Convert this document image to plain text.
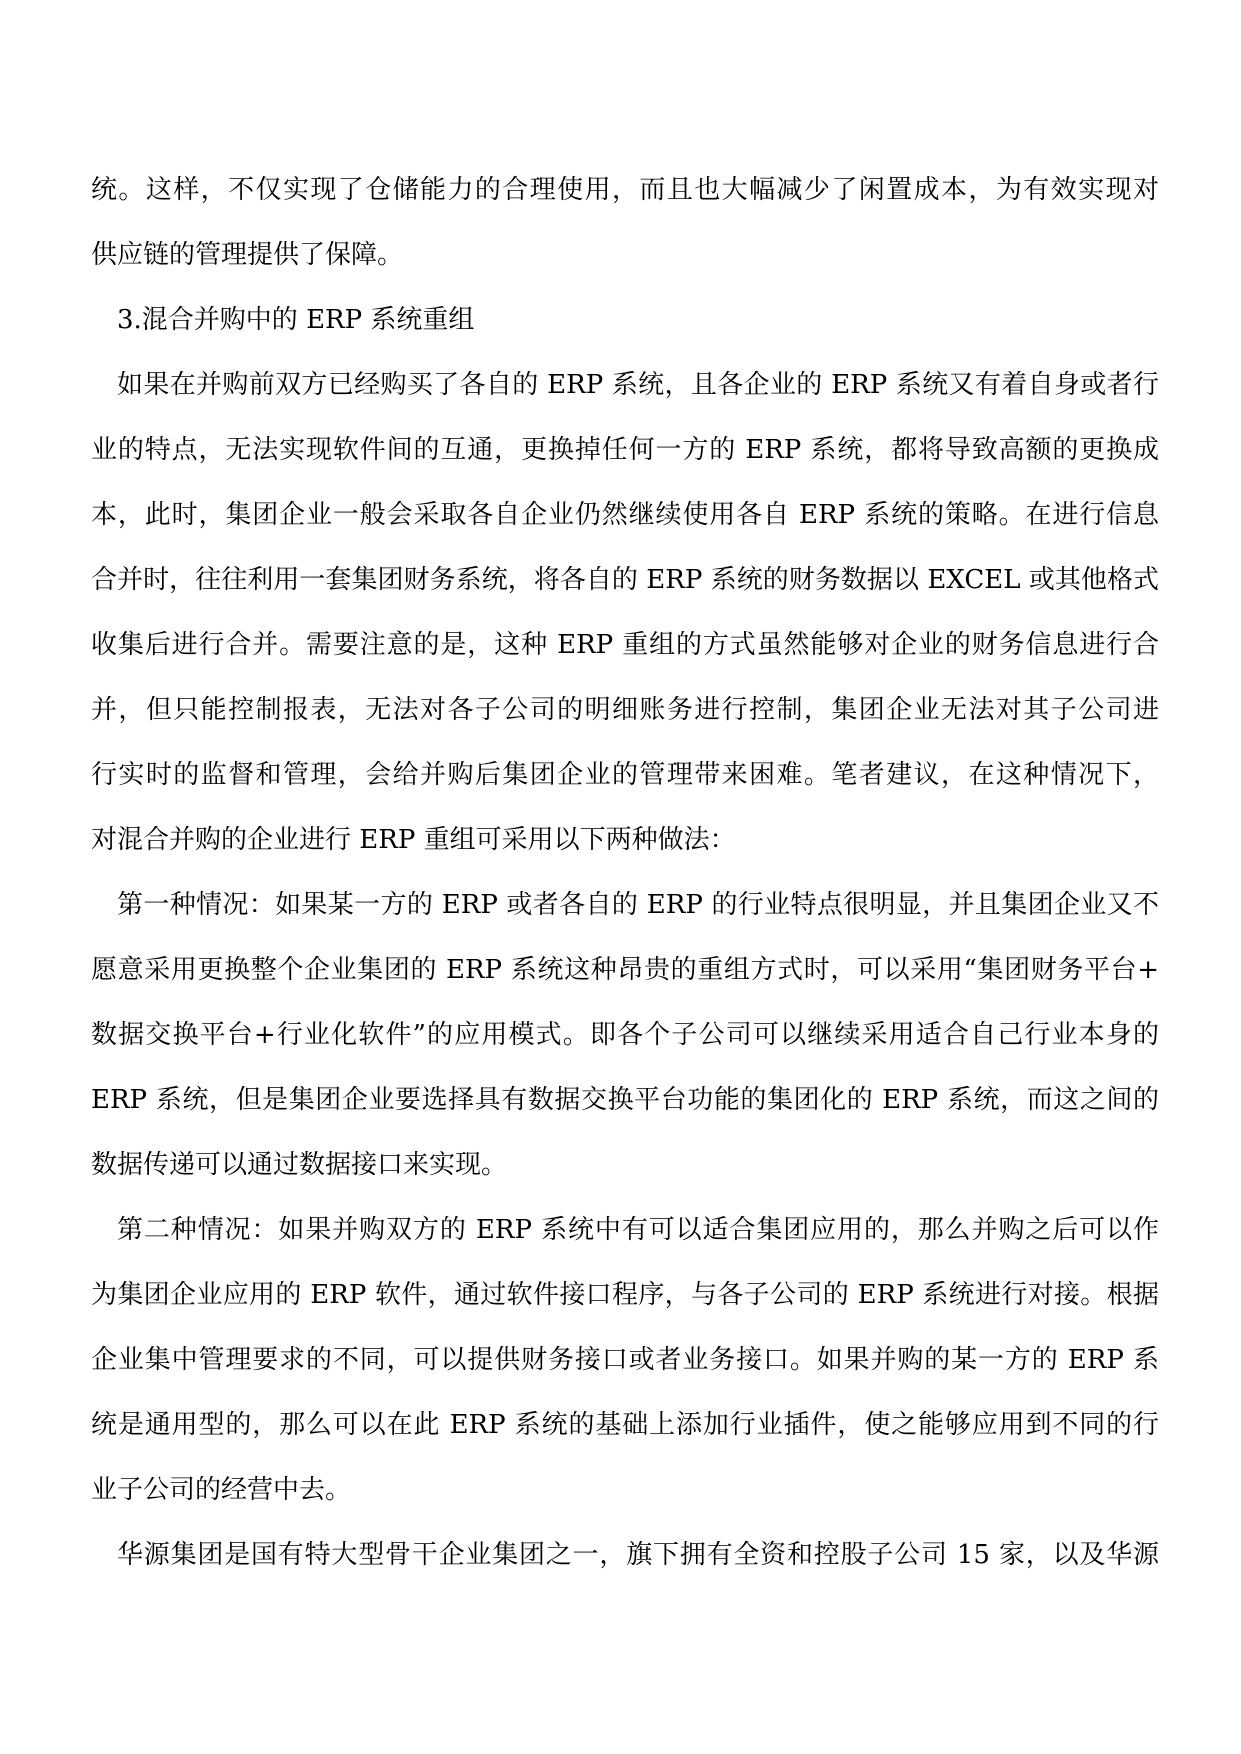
统。这样，不仅实现了仓储能力的合理使用，而且也大幅减少了闲置成本，为有效实现对
供应链的管理提供了保障。
3.混合并购中的 ERP 系统重组
如果在并购前双方已经购买了各自的 ERP 系统，且各企业的 ERP 系统又有着自身或者行
业的特点，无法实现软件间的互通，更换掉任何一方的 ERP 系统，都将导致高额的更换成
本，此时，集团企业一般会采取各自企业仍然继续使用各自 ERP 系统的策略。在进行信息
合并时，往往利用一套集团财务系统，将各自的 ERP 系统的财务数据以 EXCEL 或其他格式
收集后进行合并。需要注意的是，这种 ERP 重组的方式虽然能够对企业的财务信息进行合
并，但只能控制报表，无法对各子公司的明细账务进行控制，集团企业无法对其子公司进
行实时的监督和管理，会给并购后集团企业的管理带来困难。笔者建议，在这种情况下，
对混合并购的企业进行 ERP 重组可采用以下两种做法：
第一种情况：如果某一方的 ERP 或者各自的 ERP 的行业特点很明显，并且集团企业又不
愿意采用更换整个企业集团的 ERP 系统这种昂贵的重组方式时，可以采用“集团财务平台+
数据交换平台+行业化软件”的应用模式。即各个子公司可以继续采用适合自己行业本身的
ERP 系统，但是集团企业要选择具有数据交换平台功能的集团化的 ERP 系统，而这之间的
数据传递可以通过数据接口来实现。
第二种情况：如果并购双方的 ERP 系统中有可以适合集团应用的，那么并购之后可以作
为集团企业应用的 ERP 软件，通过软件接口程序，与各子公司的 ERP 系统进行对接。根据
企业集中管理要求的不同，可以提供财务接口或者业务接口。如果并购的某一方的 ERP 系
统是通用型的，那么可以在此 ERP 系统的基础上添加行业插件，使之能够应用到不同的行
业子公司的经营中去。
华源集团是国有特大型骨干企业集团之一，旗下拥有全资和控股子公司 15 家，以及华源
